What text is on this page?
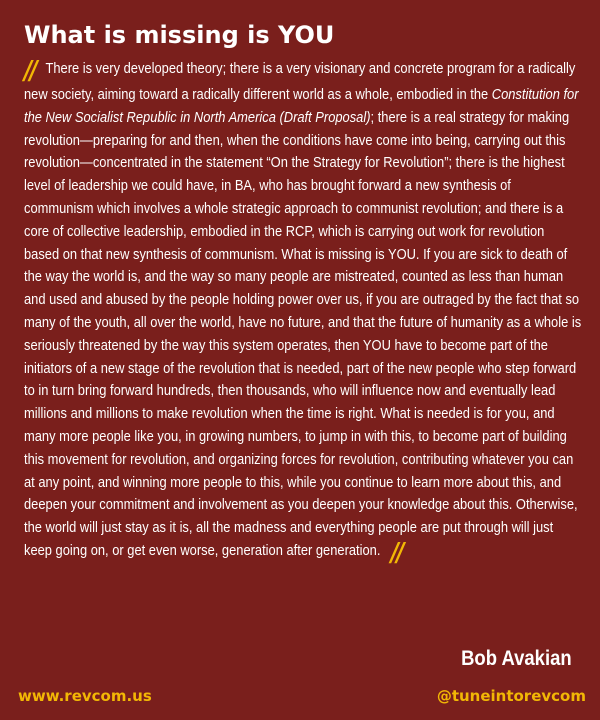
What is missing is YOU

// There is very developed theory; there is a very visionary and concrete program for a radically new society, aiming toward a radically different world as a whole, embodied in the Constitution for the New Socialist Republic in North America (Draft Proposal); there is a real strategy for making revolution—preparing for and then, when the conditions have come into being, carrying out this revolution—concentrated in the statement “On the Strategy for Revolution”; there is the highest level of leadership we could have, in BA, who has brought forward a new synthesis of communism which involves a whole strategic approach to communist revolution; and there is a core of collective leadership, embodied in the RCP, which is carrying out work for revolution based on that new synthesis of communism. What is missing is YOU. If you are sick to death of the way the world is, and the way so many people are mistreated, counted as less than human and used and abused by the people holding power over us, if you are outraged by the fact that so many of the youth, all over the world, have no future, and that the future of humanity as a whole is seriously threatened by the way this system operates, then YOU have to become part of the initiators of a new stage of the revolution that is needed, part of the new people who step forward to in turn bring forward hundreds, then thousands, who will influence now and eventually lead millions and millions to make revolution when the time is right. What is needed is for you, and many more people like you, in growing numbers, to jump in with this, to become part of building this movement for revolution, and organizing forces for revolution, contributing whatever you can at any point, and winning more people to this, while you continue to learn more about this, and deepen your commitment and involvement as you deepen your knowledge about this. Otherwise, the world will just stay as it is, all the madness and everything people are put through will just keep going on, or get even worse, generation after generation. //

Bob Avakian

www.revcom.us	@tuneintorevcom
